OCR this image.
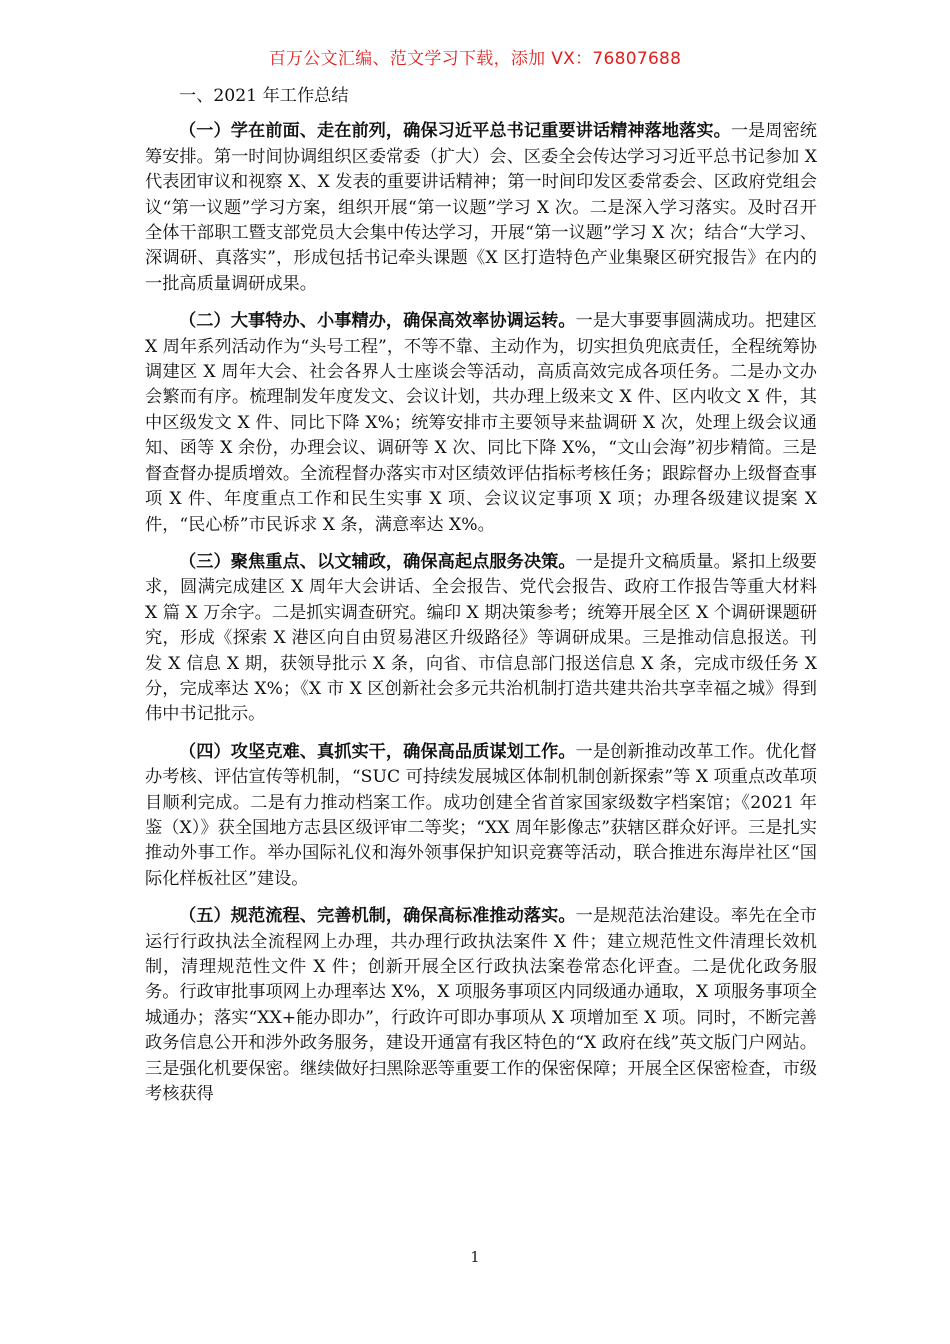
百万公文汇编、范文学习下载，添加 VX：76807688
一、2021 年工作总结

（一）学在前面、走在前列，确保习近平总书记重要讲话精神落地落实。一是周密统筹安排。第一时间协调组织区委常委（扩大）会、区委全会传达学习习近平总书记参加 X 代表团审议和视察 X、X 发表的重要讲话精神；第一时间印发区委常委会、区政府党组会议“第一议题”学习方案，组织开展“第一议题”学习 X 次。二是深入学习落实。及时召开全体干部职工暨支部党员大会集中传达学习，开展“第一议题”学习 X 次；结合“大学习、深调研、真落实”，形成包括书记牵头课题《X 区打造特色产业集聚区研究报告》在内的一批高质量调研成果。

（二）大事特办、小事精办，确保高效率协调运转。一是大事要事圆满成功。把建区 X 周年系列活动作为“头号工程”，不等不靠、主动作为，切实担负兜底责任，全程统筹协调建区 X 周年大会、社会各界人士座谈会等活动，高质高效完成各项任务。二是办文办会繁而有序。梳理制发年度发文、会议计划，共办理上级来文 X 件、区内收文 X 件，其中区级发文 X 件、同比下降 X%；统筹安排市主要领导来盐调研 X 次，处理上级会议通知、函等 X 余份，办理会议、调研等 X 次、同比下降 X%，“文山会海”初步精简。三是督查督办提质增效。全流程督办落实市对区绩效评估指标考核任务；跟踪督办上级督查事项 X 件、年度重点工作和民生实事 X 项、会议议定事项 X 项；办理各级建议提案 X 件，“民心桥”市民诉求 X 条，满意率达 X%。

（三）聚焦重点、以文辅政，确保高起点服务决策。一是提升文稿质量。紧扣上级要求，圆满完成建区 X 周年大会讲话、全会报告、党代会报告、政府工作报告等重大材料 X 篇 X 万余字。二是抓实调查研究。编印 X 期决策参考；统筹开展全区 X 个调研课题研究，形成《探索 X 港区向自由贸易港区升级路径》等调研成果。三是推动信息报送。刊发 X 信息 X 期，获领导批示 X 条，向省、市信息部门报送信息 X 条，完成市级任务 X 分，完成率达 X%；《X 市 X 区创新社会多元共治机制打造共建共治共享幸福之城》得到伟中书记批示。

（四）攻坚克难、真抓实干，确保高品质谋划工作。一是创新推动改革工作。优化督办考核、评估宣传等机制，“SUC 可持续发展城区体制机制创新探索”等 X 项重点改革项目顺利完成。二是有力推动档案工作。成功创建全省首家国家级数字档案馆；《2021 年鉴（X）》获全国地方志县区级评审二等奖；“XX 周年影像志”获辖区群众好评。三是扎实推动外事工作。举办国际礼仪和海外领事保护知识竞赛等活动，联合推进东海岸社区“国际化样板社区”建设。

（五）规范流程、完善机制，确保高标准推动落实。一是规范法治建设。率先在全市运行行政执法全流程网上办理，共办理行政执法案件 X 件；建立规范性文件清理长效机制，清理规范性文件 X 件；创新开展全区行政执法案卷常态化评查。二是优化政务服务。行政审批事项网上办理率达 X%，X 项服务事项区内同级通办通取，X 项服务事项全城通办；落实“XX+能办即办”，行政许可即办事项从 X 项增加至 X 项。同时，不断完善政务信息公开和涉外政务服务，建设开通富有我区特色的“X 政府在线”英文版门户网站。三是强化机要保密。继续做好扫黑除恶等重要工作的保密保障；开展全区保密检查，市级考核获得

1
